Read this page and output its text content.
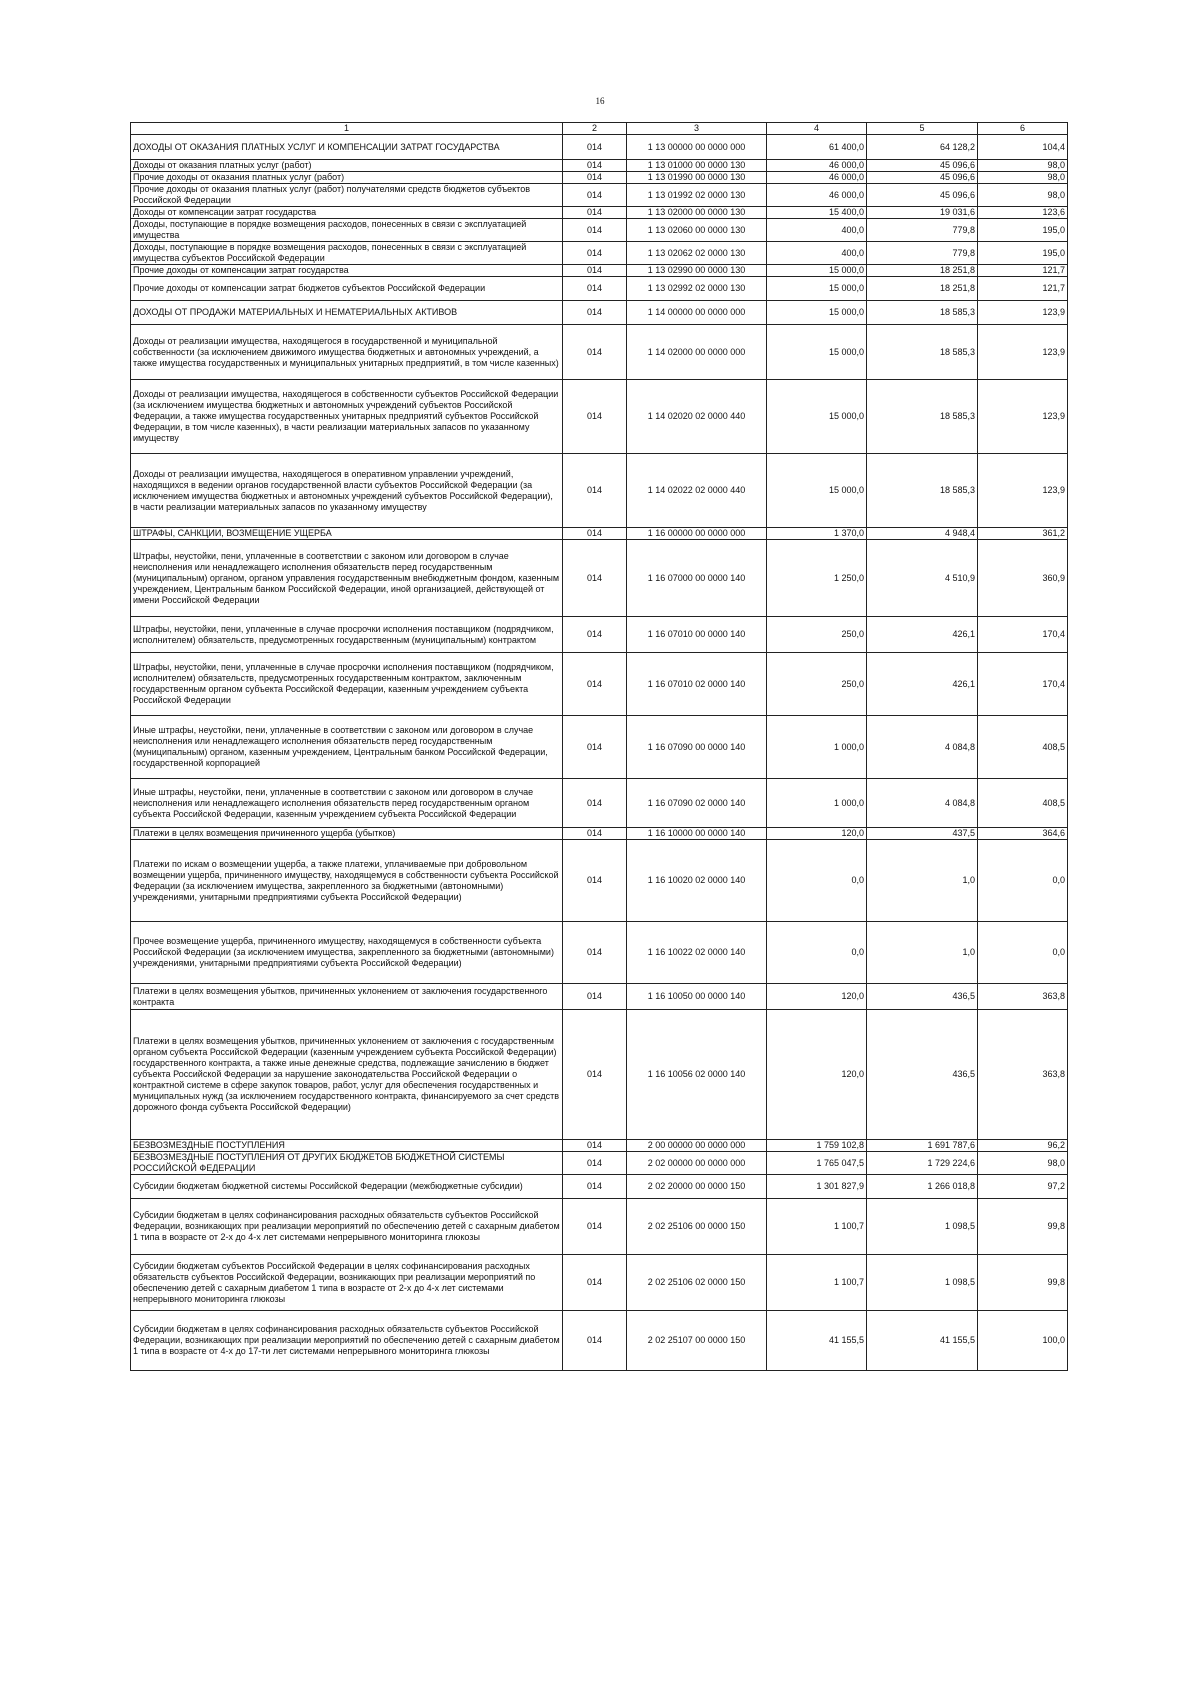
16
1	2	3	4	5	6
ДОХОДЫ ОТ ОКАЗАНИЯ ПЛАТНЫХ УСЛУГ И КОМПЕНСАЦИИ ЗАТРАТ ГОСУДАРСТВА	014	1 13 00000 00 0000 000	61 400,0	64 128,2	104,4
Доходы от оказания платных услуг (работ)	014	1 13 01000 00 0000 130	46 000,0	45 096,6	98,0
Прочие доходы от оказания платных услуг (работ)	014	1 13 01990 00 0000 130	46 000,0	45 096,6	98,0
Прочие доходы от оказания платных услуг (работ) получателями средств бюджетов субъектов Российской Федерации	014	1 13 01992 02 0000 130	46 000,0	45 096,6	98,0
Доходы от компенсации затрат государства	014	1 13 02000 00 0000 130	15 400,0	19 031,6	123,6
Доходы, поступающие в порядке возмещения расходов, понесенных в связи с эксплуатацией имущества	014	1 13 02060 00 0000 130	400,0	779,8	195,0
Доходы, поступающие в порядке возмещения расходов, понесенных в связи с эксплуатацией имущества субъектов Российской Федерации	014	1 13 02062 02 0000 130	400,0	779,8	195,0
Прочие доходы от компенсации затрат государства	014	1 13 02990 00 0000 130	15 000,0	18 251,8	121,7
Прочие доходы от компенсации затрат бюджетов субъектов Российской Федерации	014	1 13 02992 02 0000 130	15 000,0	18 251,8	121,7
ДОХОДЫ ОТ ПРОДАЖИ МАТЕРИАЛЬНЫХ И НЕМАТЕРИАЛЬНЫХ АКТИВОВ	014	1 14 00000 00 0000 000	15 000,0	18 585,3	123,9
Доходы от реализации имущества, находящегося в государственной и муниципальной собственности (за исключением движимого имущества бюджетных и автономных учреждений, а также имущества государственных и муниципальных унитарных предприятий, в том числе казенных)	014	1 14 02000 00 0000 000	15 000,0	18 585,3	123,9
Доходы от реализации имущества, находящегося в собственности субъектов Российской Федерации (за исключением имущества бюджетных и автономных учреждений субъектов Российской Федерации, а также имущества государственных унитарных предприятий субъектов Российской Федерации, в том числе казенных), в части реализации материальных запасов по указанному имуществу	014	1 14 02020 02 0000 440	15 000,0	18 585,3	123,9
Доходы от реализации имущества, находящегося в оперативном управлении учреждений, находящихся в ведении органов государственной власти субъектов Российской Федерации (за исключением имущества бюджетных и автономных учреждений субъектов Российской Федерации), в части реализации материальных запасов по указанному имуществу	014	1 14 02022 02 0000 440	15 000,0	18 585,3	123,9
ШТРАФЫ, САНКЦИИ, ВОЗМЕЩЕНИЕ УЩЕРБА	014	1 16 00000 00 0000 000	1 370,0	4 948,4	361,2
Штрафы, неустойки, пени, уплаченные в соответствии с законом или договором в случае неисполнения или ненадлежащего исполнения обязательств перед государственным (муниципальным) органом, органом управления государственным внебюджетным фондом, казенным учреждением, Центральным банком Российской Федерации, иной организацией, действующей от имени Российской Федерации	014	1 16 07000 00 0000 140	1 250,0	4 510,9	360,9
Штрафы, неустойки, пени, уплаченные в случае просрочки исполнения поставщиком (подрядчиком, исполнителем) обязательств, предусмотренных государственным (муниципальным) контрактом	014	1 16 07010 00 0000 140	250,0	426,1	170,4
Штрафы, неустойки, пени, уплаченные в случае просрочки исполнения поставщиком (подрядчиком, исполнителем) обязательств, предусмотренных государственным контрактом, заключенным государственным органом субъекта Российской Федерации, казенным учреждением субъекта Российской Федерации	014	1 16 07010 02 0000 140	250,0	426,1	170,4
Иные штрафы, неустойки, пени, уплаченные в соответствии с законом или договором в случае неисполнения или ненадлежащего исполнения обязательств перед государственным (муниципальным) органом, казенным учреждением, Центральным банком Российской Федерации, государственной корпорацией	014	1 16 07090 00 0000 140	1 000,0	4 084,8	408,5
Иные штрафы, неустойки, пени, уплаченные в соответствии с законом или договором в случае неисполнения или ненадлежащего исполнения обязательств перед государственным органом субъекта Российской Федерации, казенным учреждением субъекта Российской Федерации	014	1 16 07090 02 0000 140	1 000,0	4 084,8	408,5
Платежи в целях возмещения причиненного ущерба (убытков)	014	1 16 10000 00 0000 140	120,0	437,5	364,6
Платежи по искам о возмещении ущерба, а также платежи, уплачиваемые при добровольном возмещении ущерба, причиненного имуществу, находящемуся в собственности субъекта Российской Федерации (за исключением имущества, закрепленного за бюджетными (автономными) учреждениями, унитарными предприятиями субъекта Российской Федерации)	014	1 16 10020 02 0000 140	0,0	1,0	0,0
Прочее возмещение ущерба, причиненного имуществу, находящемуся в собственности субъекта Российской Федерации (за исключением имущества, закрепленного за бюджетными (автономными) учреждениями, унитарными предприятиями субъекта Российской Федерации)	014	1 16 10022 02 0000 140	0,0	1,0	0,0
Платежи в целях возмещения убытков, причиненных уклонением от заключения государственного контракта	014	1 16 10050 00 0000 140	120,0	436,5	363,8
Платежи в целях возмещения убытков, причиненных уклонением от заключения с государственным органом субъекта Российской Федерации (казенным учреждением субъекта Российской Федерации) государственного контракта, а также иные денежные средства, подлежащие зачислению в бюджет субъекта Российской Федерации за нарушение законодательства Российской Федерации о контрактной системе в сфере закупок товаров, работ, услуг для обеспечения государственных и муниципальных нужд (за исключением государственного контракта, финансируемого за счет средств дорожного фонда субъекта Российской Федерации)	014	1 16 10056 02 0000 140	120,0	436,5	363,8
БЕЗВОЗМЕЗДНЫЕ ПОСТУПЛЕНИЯ	014	2 00 00000 00 0000 000	1 759 102,8	1 691 787,6	96,2
БЕЗВОЗМЕЗДНЫЕ ПОСТУПЛЕНИЯ ОТ ДРУГИХ БЮДЖЕТОВ БЮДЖЕТНОЙ СИСТЕМЫ РОССИЙСКОЙ ФЕДЕРАЦИИ	014	2 02 00000 00 0000 000	1 765 047,5	1 729 224,6	98,0
Субсидии бюджетам бюджетной системы Российской Федерации (межбюджетные субсидии)	014	2 02 20000 00 0000 150	1 301 827,9	1 266 018,8	97,2
Субсидии бюджетам в целях софинансирования расходных обязательств субъектов Российской Федерации, возникающих при реализации мероприятий по обеспечению детей с сахарным диабетом 1 типа в возрасте от 2-х до 4-х лет системами непрерывного мониторинга глюкозы	014	2 02 25106 00 0000 150	1 100,7	1 098,5	99,8
Субсидии бюджетам субъектов Российской Федерации в целях софинансирования расходных обязательств субъектов Российской Федерации, возникающих при реализации мероприятий по обеспечению детей с сахарным диабетом 1 типа в возрасте от 2-х до 4-х лет системами непрерывного мониторинга глюкозы	014	2 02 25106 02 0000 150	1 100,7	1 098,5	99,8
Субсидии бюджетам в целях софинансирования расходных обязательств субъектов Российской Федерации, возникающих при реализации мероприятий по обеспечению детей с сахарным диабетом 1 типа в возрасте от 4-х до 17-ти лет системами непрерывного мониторинга глюкозы	014	2 02 25107 00 0000 150	41 155,5	41 155,5	100,0
